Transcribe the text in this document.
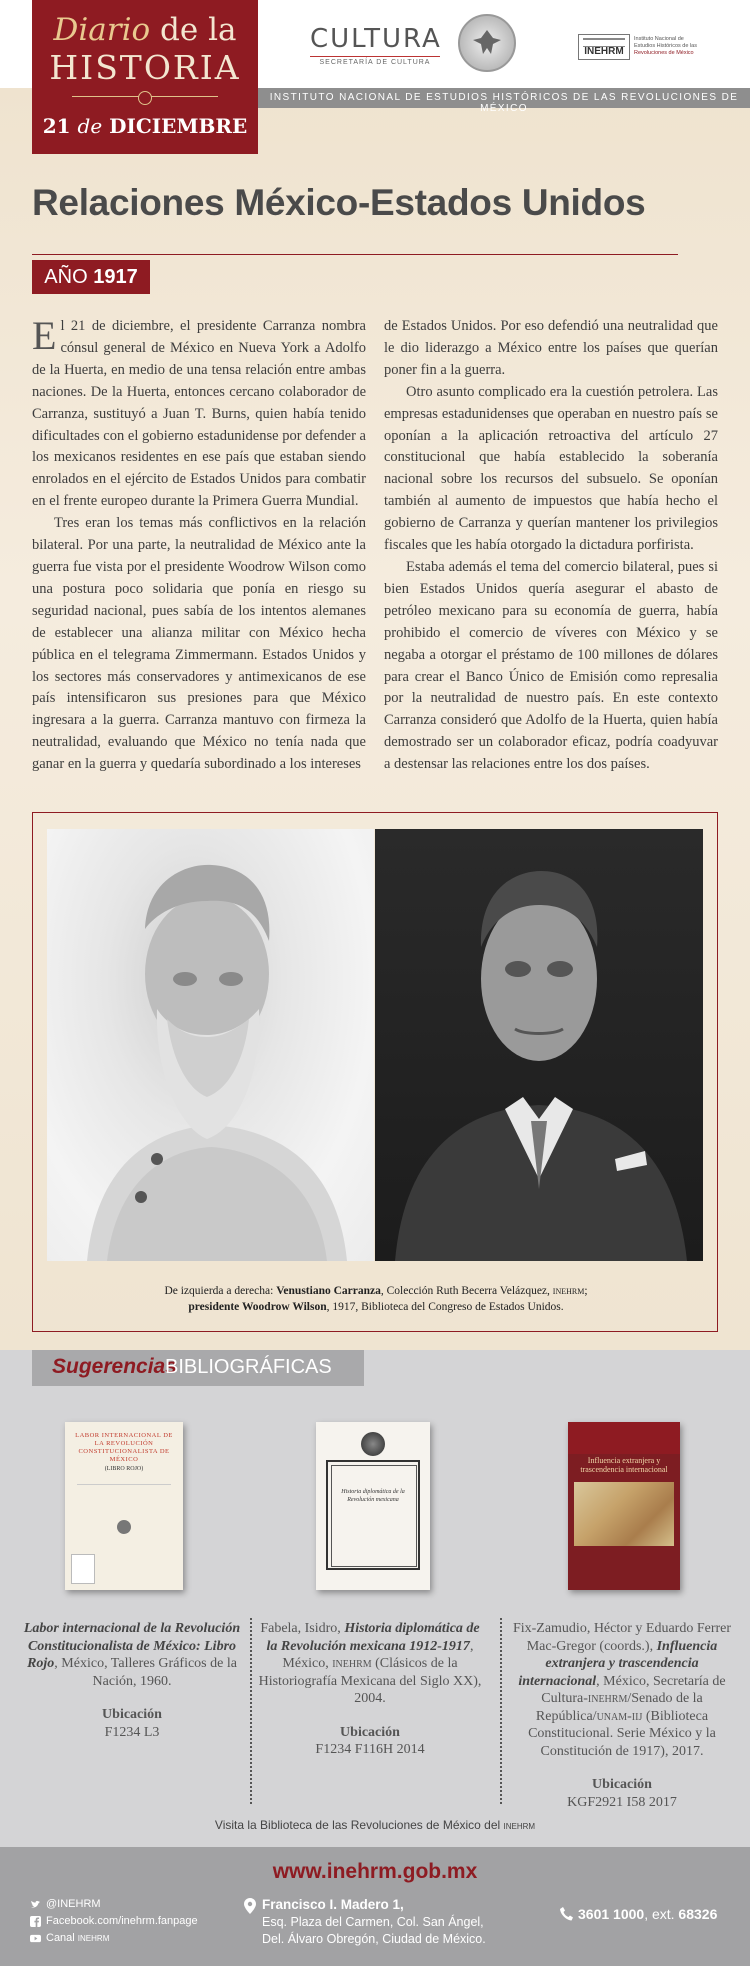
Diario de la
HISTORIA
21 de DICIEMBRE
CULTURA
SECRETARÍA DE CULTURA
INEHRM
Instituto Nacional de
Estudios Históricos de las
Revoluciones de México
INSTITUTO NACIONAL DE ESTUDIOS HISTÓRICOS DE LAS REVOLUCIONES DE MÉXICO
Relaciones México-Estados Unidos
AÑO 1917

El 21 de diciembre, el presidente Carranza nombra cónsul general de México en Nueva York a Adolfo de la Huerta, en medio de una tensa relación entre ambas naciones. De la Huerta, entonces cercano colaborador de Carranza, sustituyó a Juan T. Burns, quien había tenido dificultades con el gobierno estadunidense por defender a los mexicanos residentes en ese país que estaban siendo enrolados en el ejército de Estados Unidos para combatir en el frente europeo durante la Primera Guerra Mundial.

Tres eran los temas más conflictivos en la relación bilateral. Por una parte, la neutralidad de México ante la guerra fue vista por el presidente Woodrow Wilson como una postura poco solidaria que ponía en riesgo su seguridad nacional, pues sabía de los intentos alemanes de establecer una alianza militar con México hecha pública en el telegrama Zimmermann. Estados Unidos y los sectores más conservadores y antimexicanos de ese país intensificaron sus presiones para que México ingresara a la guerra. Carranza mantuvo con firmeza la neutralidad, evaluando que México no tenía nada que ganar en la guerra y quedaría subordinado a los intereses

de Estados Unidos. Por eso defendió una neutralidad que le dio liderazgo a México entre los países que querían poner fin a la guerra.

Otro asunto complicado era la cuestión petrolera. Las empresas estadunidenses que operaban en nuestro país se oponían a la aplicación retroactiva del artículo 27 constitucional que había establecido la soberanía nacional sobre los recursos del subsuelo. Se oponían también al aumento de impuestos que había hecho el gobierno de Carranza y querían mantener los privilegios fiscales que les había otorgado la dictadura porfirista.

Estaba además el tema del comercio bilateral, pues si bien Estados Unidos quería asegurar el abasto de petróleo mexicano para su economía de guerra, había prohibido el comercio de víveres con México y se negaba a otorgar el préstamo de 100 millones de dólares para crear el Banco Único de Emisión como represalia por la neutralidad de nuestro país. En este contexto Carranza consideró que Adolfo de la Huerta, quien había demostrado ser un colaborador eficaz, podría coadyuvar a destensar las relaciones entre los dos países.

De izquierda a derecha: Venustiano Carranza, Colección Ruth Becerra Velázquez, inehrm;
presidente Woodrow Wilson, 1917, Biblioteca del Congreso de Estados Unidos.
Sugerencias
BIBLIOGRÁFICAS
LABOR INTERNACIONAL DE LA REVOLUCIÓN CONSTITUCIONALISTA DE MÉXICO
(LIBRO ROJO)
Historia diplomática de la Revolución mexicana
Influencia extranjera y trascendencia internacional
Labor internacional de la Revolución Constitucionalista de México: Libro Rojo, México, Talleres Gráficos de la Nación, 1960.
Ubicación
F1234 L3
Fabela, Isidro, Historia diplomática de la Revolución mexicana 1912-1917, México, inehrm (Clásicos de la Historiografía Mexicana del Siglo XX), 2004.
Ubicación
F1234 F116H 2014
Fix-Zamudio, Héctor y Eduardo Ferrer Mac-Gregor (coords.), Influencia extranjera y trascendencia internacional, México, Secretaría de Cultura-inehrm/Senado de la República/unam-iij (Biblioteca Constitucional. Serie México y la Constitución de 1917), 2017.
Ubicación
KGF2921 I58 2017
Visita la Biblioteca de las Revoluciones de México del inehrm
www.inehrm.gob.mx
@INEHRM
Facebook.com/inehrm.fanpage
Canal inehrm
Francisco I. Madero 1,
Esq. Plaza del Carmen, Col. San Ángel,
Del. Álvaro Obregón, Ciudad de México.
3601 1000, ext. 68326
